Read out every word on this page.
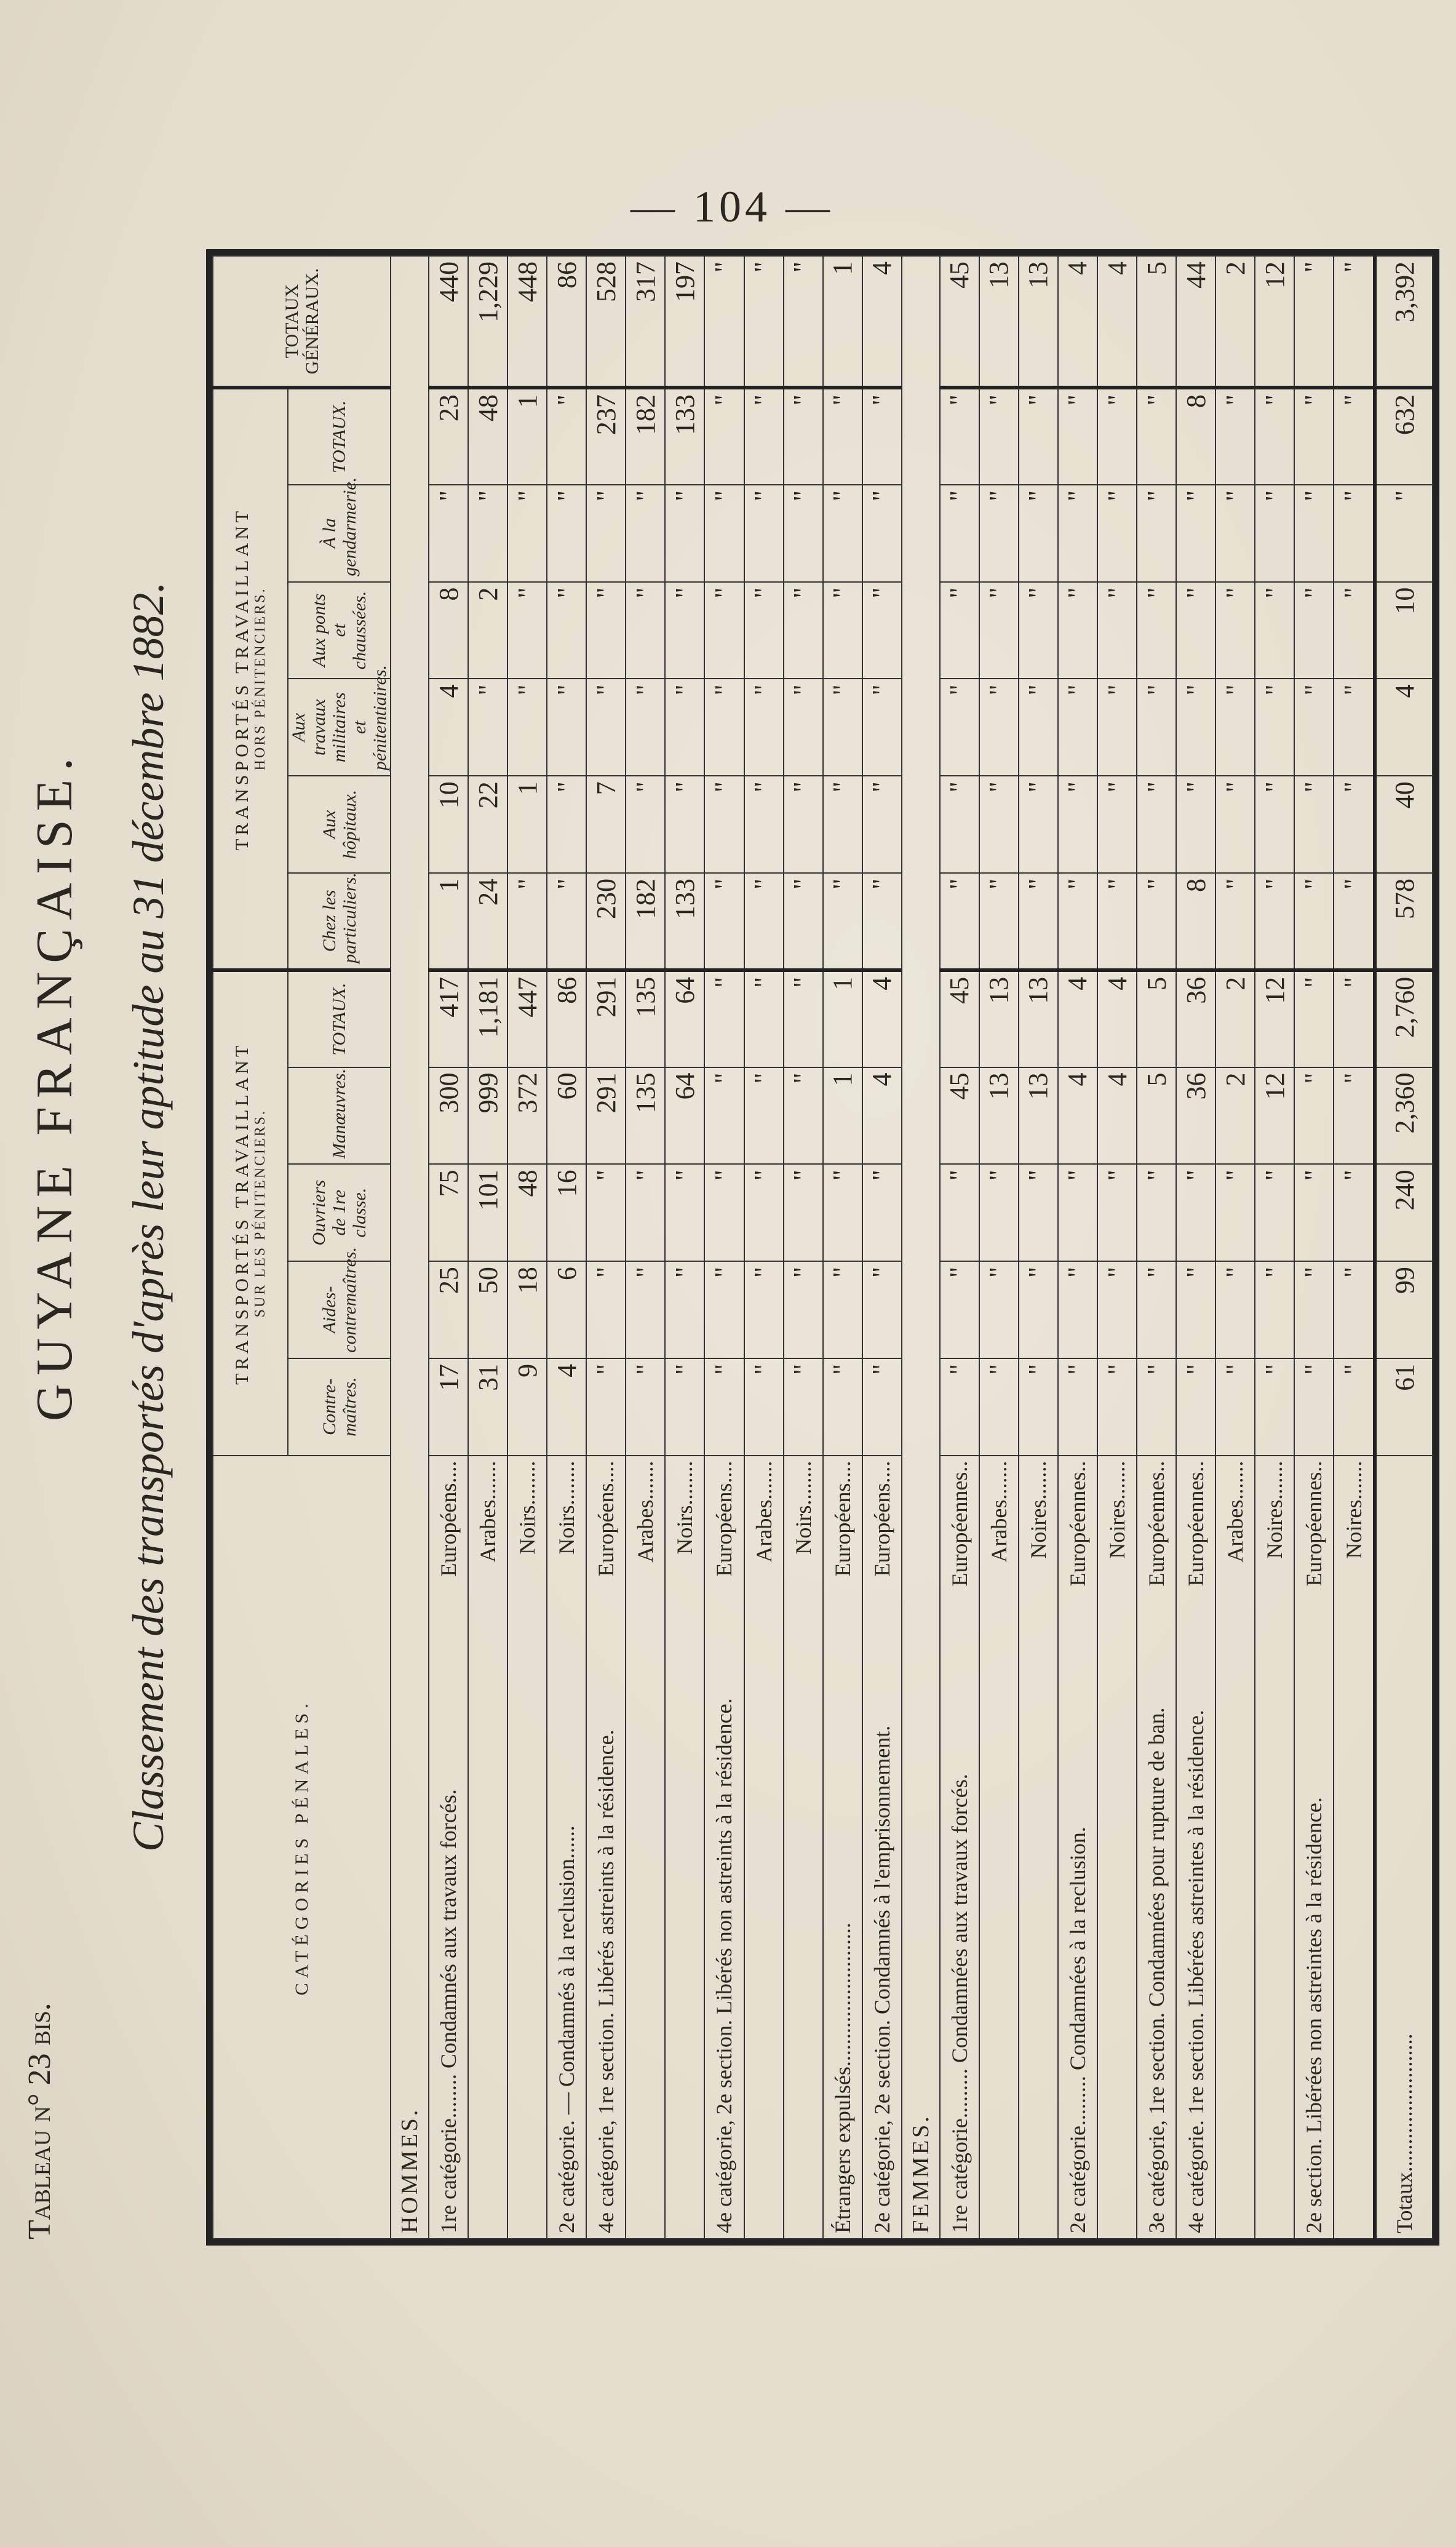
— 104 —
Tableau n° 23 bis.
GUYANE FRANÇAISE. Classement des transportés d'après leur aptitude au 31 décembre 1882.	CATÉGORIES PÉNALES.	TRANSPORTÉS TRAVAILLANT SUR LES PÉNITENCIERS.					TRANSPORTÉS TRAVAILLANT HORS PÉNITENCIERS.						TOTAUX GÉNÉRAUX.
	Contre-maîtres.	Aides-contremaîtres.	Ouvriers de 1re classe.	Manœuvres.	TOTAUX.	Chez les particuliers.	Aux hôpitaux.	Aux travaux militaires et pénitentiaires.	Aux ponts et chaussées.	À la gendarmerie.	TOTAUX.	
HOMMES.												
1re catégorie........ Condamnés aux travaux forcés.
Européens....	17	25	75	300	417	1	10	4	8	"	23	440

Arabes.......	31	50	101	999	1,181	24	22	"	2	"	48	1,229

Noirs........	9	18	48	372	447	"	1	"	"	"	1	448
2e catégorie. — Condamnés à la reclusion......
Noirs........	4	6	16	60	86	"	"	"	"	"	"	86
4e catégorie, 1re section. Libérés astreints à la résidence.
Européens....	"	"	"	291	291	230	7	"	"	"	237	528

Arabes.......	"	"	"	135	135	182	"	"	"	"	182	317

Noirs........	"	"	"	64	64	133	"	"	"	"	133	197
4e catégorie, 2e section. Libérés non astreints à la résidence.
Européens....	"	"	"	"	"	"	"	"	"	"	"	"

Arabes.......	"	"	"	"	"	"	"	"	"	"	"	"

Noirs........	"	"	"	"	"	"	"	"	"	"	"	"
Étrangers expulsés..........................
Européens....	"	"	"	1	1	"	"	"	"	"	"	1
2e catégorie, 2e section. Condamnés à l'emprisonnement.
Européens....	"	"	"	4	4	"	"	"	"	"	"	4
FEMMES.												
1re catégorie......... Condamnées aux travaux forcés.
Européennes..	"	"	"	45	45	"	"	"	"	"	"	45

Arabes.......	"	"	"	13	13	"	"	"	"	"	"	13

Noires.......	"	"	"	13	13	"	"	"	"	"	"	13
2e catégorie......... Condamnées à la reclusion.
Européennes..	"	"	"	4	4	"	"	"	"	"	"	4

Noires.......	"	"	"	4	4	"	"	"	"	"	"	4
3e catégorie, 1re section. Condamnées pour rupture de ban.
Européennes..	"	"	"	5	5	"	"	"	"	"	"	5
4e catégorie. 1re section. Libérées astreintes à la résidence.
Européennes..	"	"	"	36	36	8	"	"	"	"	8	44

Arabes.......	"	"	"	2	2	"	"	"	"	"	"	2

Noires.......	"	"	"	12	12	"	"	"	"	"	"	12
2e section. Libérées non astreintes à la résidence.
Européennes..	"	"	"	"	"	"	"	"	"	"	"	"

Noires.......	"	"	"	"	"	"	"	"	"	"	"	"
Totaux.........................	61	99	240	2,360	2,760	578	40	4	10	"	632	3,392
